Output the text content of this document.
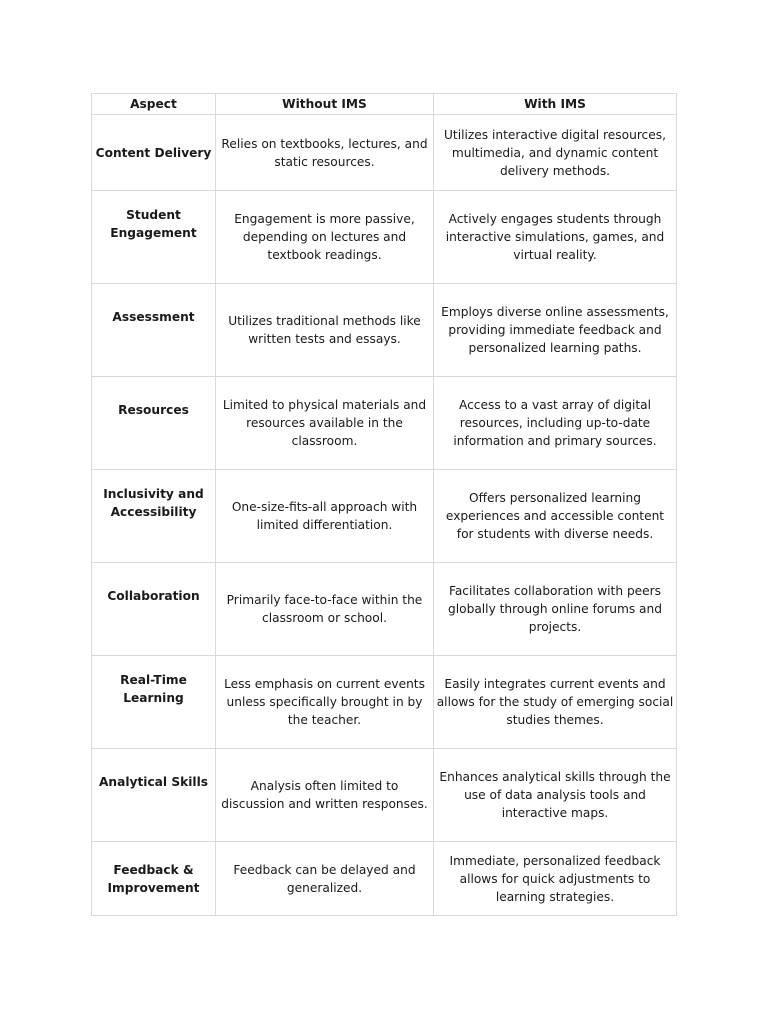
Aspect	Without IMS	With IMS
Content Delivery	Relies on textbooks, lectures, and static resources.	Utilizes interactive digital resources, multimedia, and dynamic content delivery methods.

Student Engagement	Engagement is more passive, depending on lectures and textbook readings.	Actively engages students through interactive simulations, games, and virtual reality.

Assessment	Utilizes traditional methods like written tests and essays.	Employs diverse online assessments, providing immediate feedback and personalized learning paths.

Resources	Limited to physical materials and resources available in the classroom.	Access to a vast array of digital resources, including up-to-date information and primary sources.

Inclusivity and Accessibility	One-size-fits-all approach with limited differentiation.	Offers personalized learning experiences and accessible content for students with diverse needs.

Collaboration	Primarily face-to-face within the classroom or school.	Facilitates collaboration with peers globally through online forums and projects.

Real-Time Learning	Less emphasis on current events unless specifically brought in by the teacher.	Easily integrates current events and allows for the study of emerging social studies themes.

Analytical Skills	Analysis often limited to discussion and written responses.	Enhances analytical skills through the use of data analysis tools and interactive maps.
Feedback & Improvement	Feedback can be delayed and generalized.	Immediate, personalized feedback allows for quick adjustments to learning strategies.
